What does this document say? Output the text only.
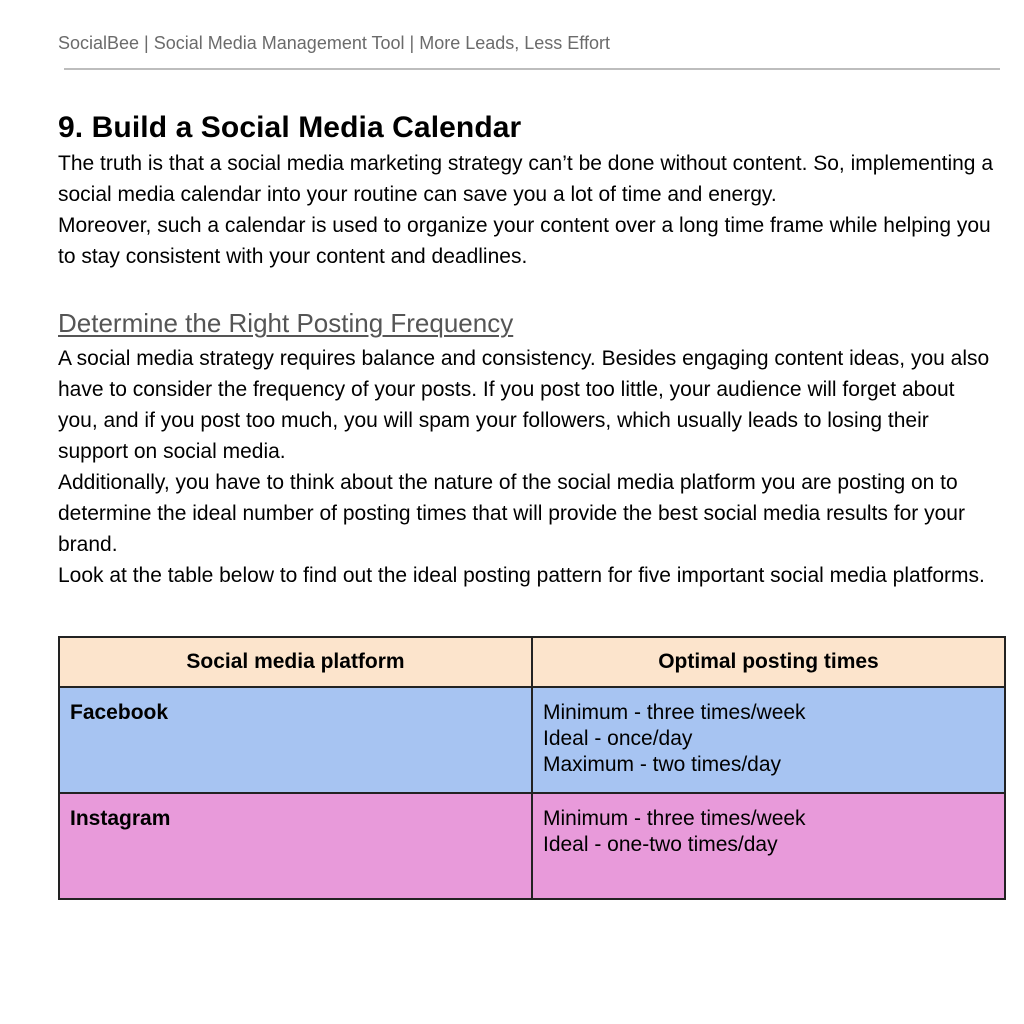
SocialBee | Social Media Management Tool | More Leads, Less Effort
9. Build a Social Media Calendar

The truth is that a social media marketing strategy can’t be done without content. So, implementing a social media calendar into your routine can save you a lot of time and energy.

Moreover, such a calendar is used to organize your content over a long time frame while helping you to stay consistent with your content and deadlines.

Determine the Right Posting Frequency

A social media strategy requires balance and consistency. Besides engaging content ideas, you also have to consider the frequency of your posts. If you post too little, your audience will forget about you, and if you post too much, you will spam your followers, which usually leads to losing their support on social media.

Additionally, you have to think about the nature of the social media platform you are posting on to determine the ideal number of posting times that will provide the best social media results for your brand.

Look at the table below to find out the ideal posting pattern for five important social media platforms.

Social media platform	Optimal posting times
Facebook	Minimum - three times/week
Ideal - once/day
Maximum - two times/day

Instagram	Minimum - three times/week
Ideal - one-two times/day
